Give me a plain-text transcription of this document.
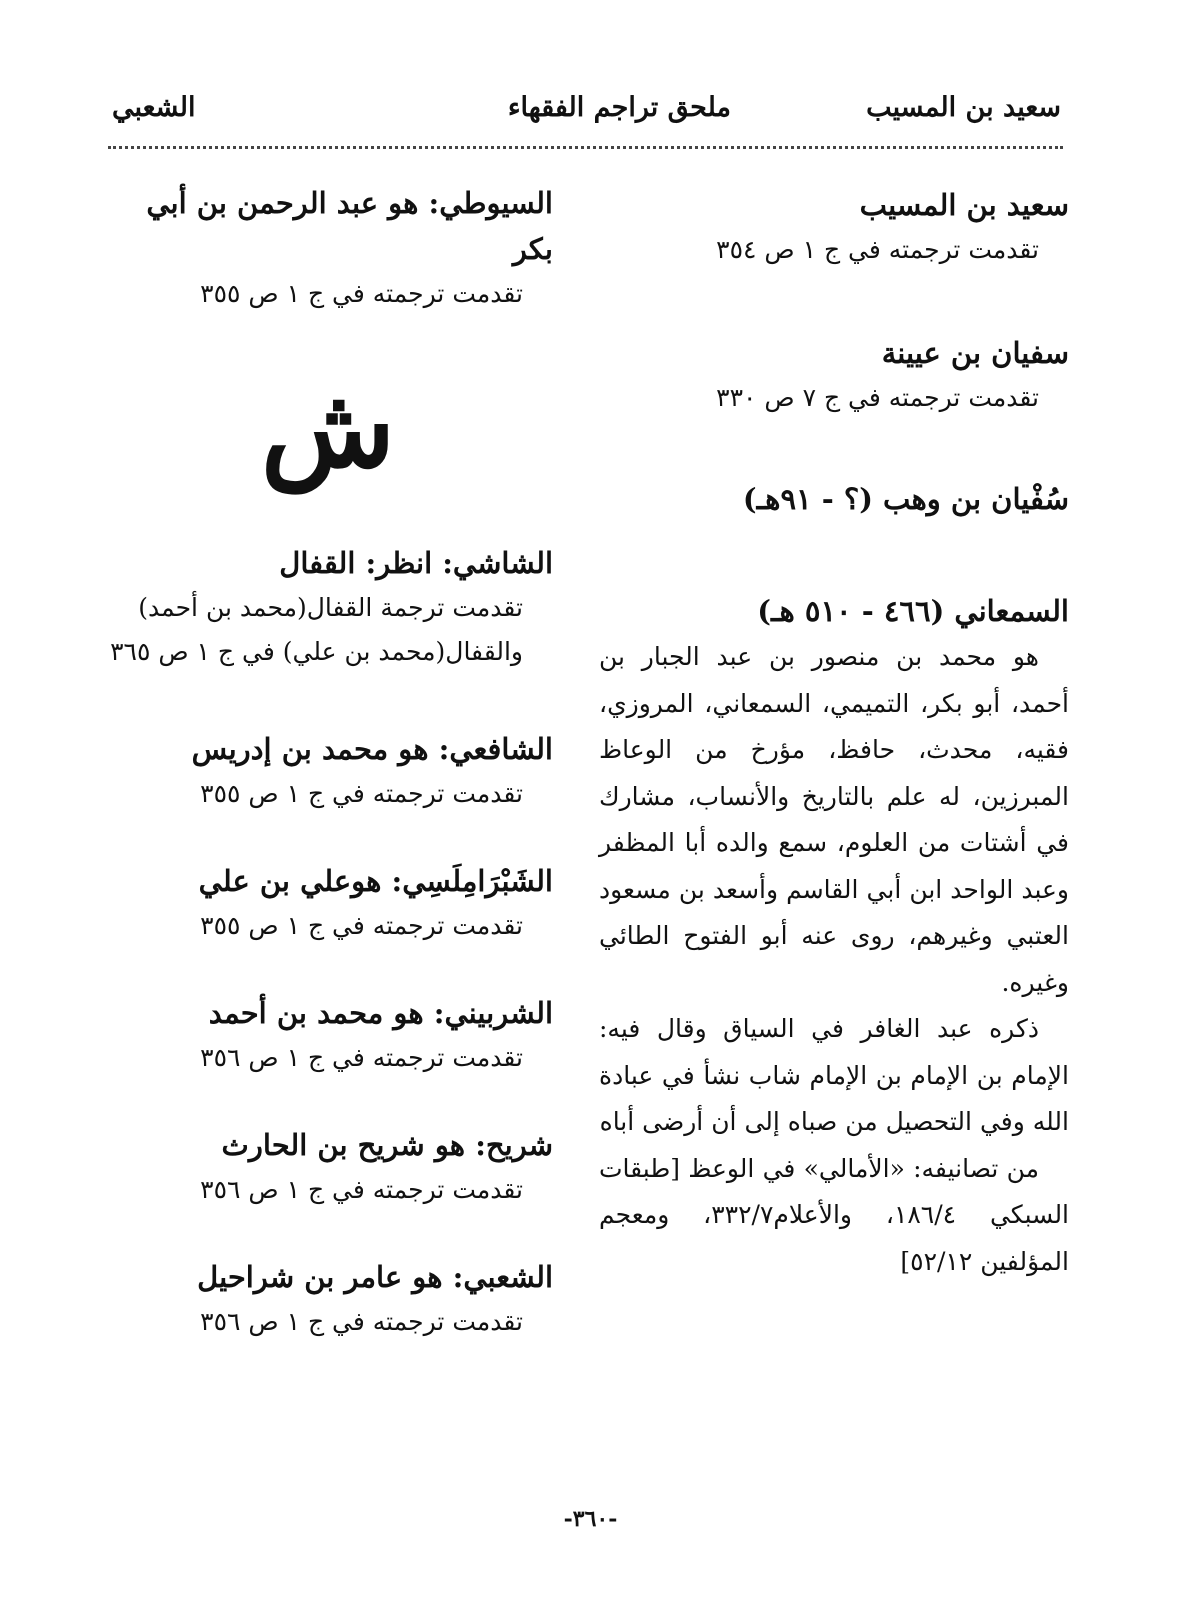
سعيد بن المسيب
ملحق تراجم الفقهاء
الشعبي
سعيد بن المسيب
تقدمت ترجمته في ج ١ ص ٣٥٤
سفيان بن عيينة
تقدمت ترجمته في ج ٧ ص ٣٣٠
سُفْيان بن وهب (؟ - ٩١هـ)
السمعاني (٤٦٦ - ٥١٠ هـ)

هو محمد بن منصور بن عبد الجبار بن أحمد، أبو بكر، التميمي، السمعاني، المروزي، فقيه، محدث، حافظ، مؤرخ من الوعاظ المبرزين، له علم بالتاريخ والأنساب، مشارك في أشتات من العلوم، سمع والده أبا المظفر وعبد الواحد ابن أبي القاسم وأسعد بن مسعود العتبي وغيرهم، روى عنه أبو الفتوح الطائي وغيره.

ذكره عبد الغافر في السياق وقال فيه: الإمام بن الإمام بن الإمام شاب نشأ في عبادة الله وفي التحصيل من صباه إلى أن أرضى أباه

من تصانيفه: «الأمالي» في الوعظ [طبقات السبكي ١٨٦/٤، والأعلام٣٣٢/٧، ومعجم المؤلفين ٥٢/١٢]

السيوطي: هو عبد الرحمن بن أبي بكر
تقدمت ترجمته في ج ١ ص ٣٥٥
ش
الشاشي: انظر: القفال
تقدمت ترجمة القفال(محمد بن أحمد) والقفال(محمد بن علي) في ج ١ ص ٣٦٥
الشافعي: هو محمد بن إدريس
تقدمت ترجمته في ج ١ ص ٣٥٥
الشَبْرَامِلَسِي: هوعلي بن علي
تقدمت ترجمته في ج ١ ص ٣٥٥
الشربيني: هو محمد بن أحمد
تقدمت ترجمته في ج ١ ص ٣٥٦
شريح: هو شريح بن الحارث
تقدمت ترجمته في ج ١ ص ٣٥٦
الشعبي: هو عامر بن شراحيل
تقدمت ترجمته في ج ١ ص ٣٥٦
-٣٦٠-
